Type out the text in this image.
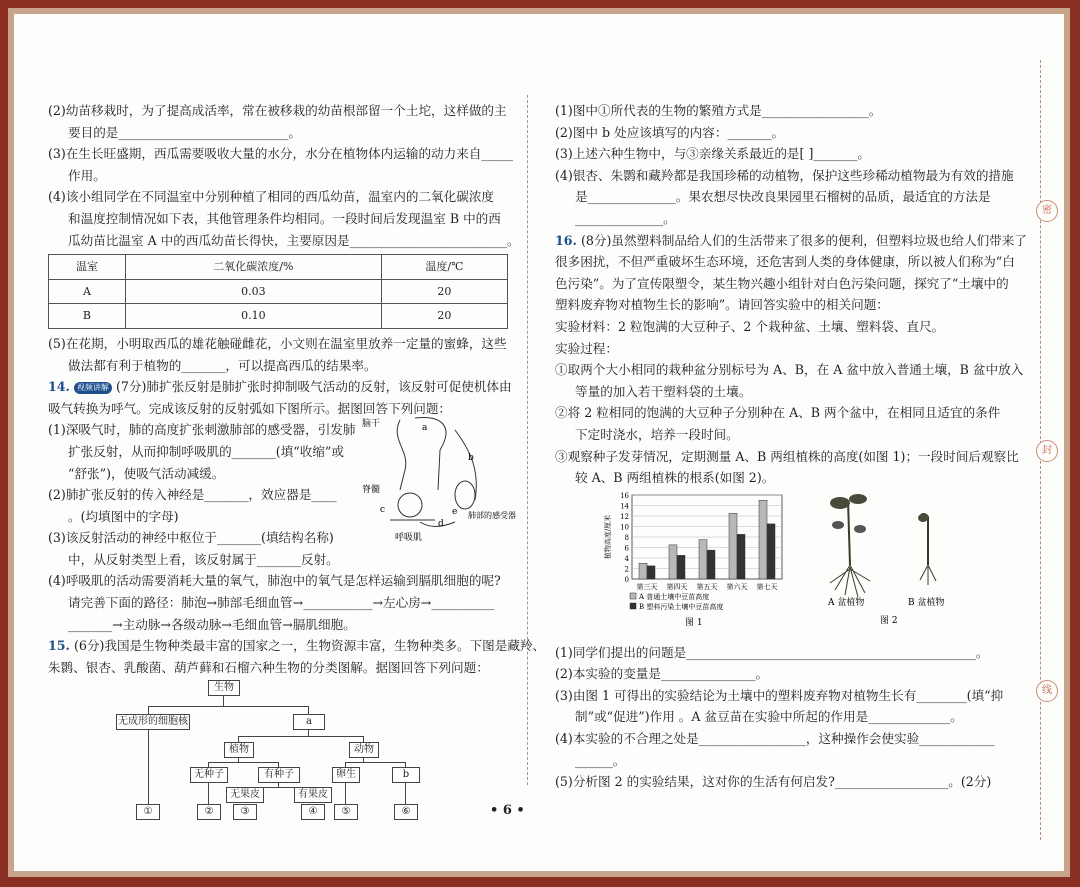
密
封
线
(2)幼苗移栽时，为了提高成活率，常在被移栽的幼苗根部留一个土坨，这样做的主
要目的是___________________________。
(3)在生长旺盛期，西瓜需要吸收大量的水分，水分在植物体内运输的动力来自_____
作用。
(4)该小组同学在不同温室中分别种植了相同的西瓜幼苗，温室内的二氧化碳浓度
和温度控制情况如下表，其他管理条件均相同。一段时间后发现温室 B 中的西
瓜幼苗比温室 A 中的西瓜幼苗长得快，主要原因是_________________________。
温室	二氧化碳浓度/%	温度/℃
A	0.03	20
B	0.10	20
(5)在花期，小明取西瓜的雄花触碰雌花，小文则在温室里放养一定量的蜜蜂，这些
做法都有利于植物的_______，可以提高西瓜的结果率。
14. 视频讲解 (7分)肺扩张反射是肺扩张时抑制吸气活动的反射，该反射可促使机体由
吸气转换为呼气。完成该反射的反射弧如下图所示。据图回答下列问题：
(1)深吸气时，肺的高度扩张刺激肺部的感受器，引发肺
扩张反射，从而抑制呼吸肌的_______(填“收缩”或
“舒张”)，使吸气活动减缓。
(2)肺扩张反射的传入神经是_______，效应器是____
。(均填图中的字母)
(3)该反射活动的神经中枢位于_______(填结构名称)
中，从反射类型上看，该反射属于_______反射。
(4)呼吸肌的活动需要消耗大量的氧气，肺泡中的氧气是怎样运输到膈肌细胞的呢?
请完善下面的路径：肺泡→肺部毛细血管→___________→左心房→__________
_______→主动脉→各级动脉→毛细血管→膈肌细胞。
15. (6分)我国是生物种类最丰富的国家之一，生物资源丰富，生物种类多。下图是藏羚、
朱鹮、银杏、乳酸菌、葫芦藓和石榴六种生物的分类图解。据图回答下列问题：
生物
无成形的细胞核	a
植物	动物
无种子	有种子	卵生	b
无果皮	有果皮
①	②	③	④	⑤	⑥
脑干	a
b
脊髓
c
d
e 肺部的感受器
呼吸肌
(1)图中①所代表的生物的繁殖方式是_________________。
(2)图中 b 处应该填写的内容：_______。
(3)上述六种生物中，与③亲缘关系最近的是[ ]_______。
(4)银杏、朱鹮和藏羚都是我国珍稀的动植物，保护这些珍稀动植物最为有效的措施
是______________。果农想尽快改良果园里石榴树的品质，最适宜的方法是
______________。
16. (8分)虽然塑料制品给人们的生活带来了很多的便利，但塑料垃圾也给人们带来了
很多困扰，不但严重破坏生态环境，还危害到人类的身体健康，所以被人们称为“白
色污染”。为了宣传限塑令，某生物兴趣小组针对白色污染问题，探究了“土壤中的
塑料废弃物对植物生长的影响”。请回答实验中的相关问题：
实验材料：2 粒饱满的大豆种子、2 个栽种盆、土壤、塑料袋、直尺。
实验过程：
①取两个大小相同的栽种盆分别标号为 A、B，在 A 盆中放入普通土壤，B 盆中放入
等量的加入若干塑料袋的土壤。
②将 2 粒相同的饱满的大豆种子分别种在 A、B 两个盆中，在相同且适宜的条件
下定时浇水，培养一段时间。
③观察种子发芽情况，定期测量 A、B 两组植株的高度(如图 1)；一段时间后观察比
较 A、B 两组植株的根系(如图 2)。
(1)同学们提出的问题是______________________________________________。
(2)本实验的变量是_______________。
(3)由图 1 可得出的实验结论为土壤中的塑料废弃物对植物生长有________(填“抑
制”或“促进”)作用 。A 盆豆苗在实验中所起的作用是_____________。
(4)本实验的不合理之处是_________________，这种操作会使实验____________
______。
(5)分析图 2 的实验结果，这对你的生活有何启发?__________________。(2分)
0
2
4
6
8
10
12
14
16
植物高度/厘米
第三天 第四天 第五天 第六天 第七天
A 普通土壤中豆苗高度
B 塑料污染土壤中豆苗高度
图 1
A 盆植物	B 盆植物
图 2
• 6 •
